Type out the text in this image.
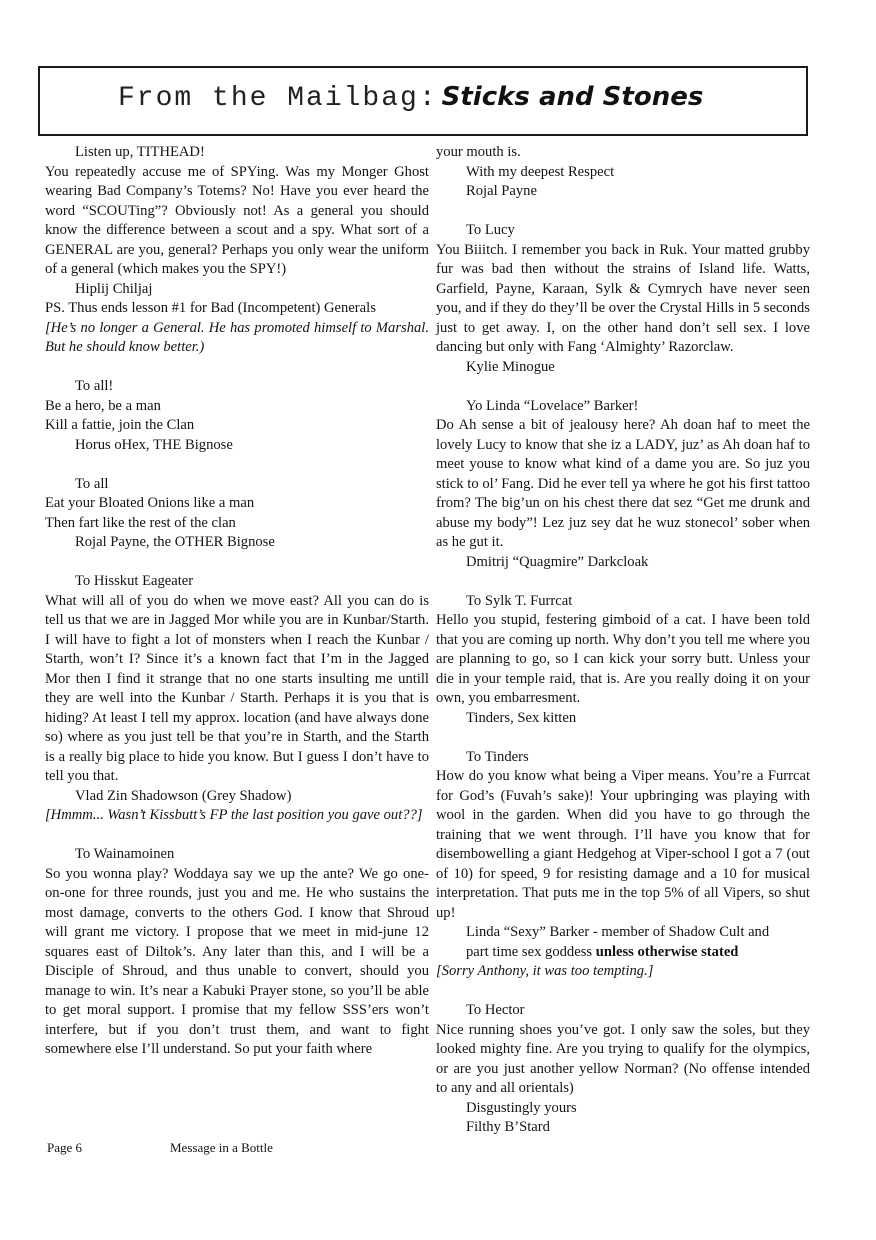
From the Mailbag: Sticks and Stones

Listen up, TITHEAD!

You repeatedly accuse me of SPYing. Was my Monger Ghost wearing Bad Company’s Totems? No! Have you ever heard the word “SCOUTing”? Obviously not! As a general you should know the difference between a scout and a spy. What sort of a GENERAL are you, general? Perhaps you only wear the uniform of a general (which makes you the SPY!)

Hiplij Chiljaj

PS. Thus ends lesson #1 for Bad (Incompetent) Generals

[He’s no longer a General. He has promoted himself to Marshal. But he should know better.)

To all!

Be a hero, be a man

Kill a fattie, join the Clan

Horus oHex, THE Bignose

To all

Eat your Bloated Onions like a man

Then fart like the rest of the clan

Rojal Payne, the OTHER Bignose

To Hisskut Eageater

What will all of you do when we move east? All you can do is tell us that we are in Jagged Mor while you are in Kunbar/Starth. I will have to fight a lot of monsters when I reach the Kunbar / Starth, won’t I? Since it’s a known fact that I’m in the Jagged Mor then I find it strange that no one starts insulting me untill they are well into the Kunbar / Starth. Perhaps it is you that is hiding? At least I tell my approx. location (and have always done so) where as you just tell be that you’re in Starth, and the Starth is a really big place to hide you know. But I guess I don’t have to tell you that.

Vlad Zin Shadowson (Grey Shadow)

[Hmmm... Wasn’t Kissbutt’s FP the last position you gave out??]

To Wainamoinen

So you wonna play? Woddaya say we up the ante? We go one-on-one for three rounds, just you and me. He who sustains the most damage, converts to the others God. I know that Shroud will grant me victory. I propose that we meet in mid-june 12 squares east of Diltok’s. Any later than this, and I will be a Disciple of Shroud, and thus unable to convert, should you manage to win. It’s near a Kabuki Prayer stone, so you’ll be able to get moral support. I promise that my fellow SSS’ers won’t interfere, but if you don’t trust them, and want to fight somewhere else I’ll understand. So put your faith where

your mouth is.

With my deepest Respect

Rojal Payne

To Lucy

You Biiitch. I remember you back in Ruk. Your matted grubby fur was bad then without the strains of Island life. Watts, Garfield, Payne, Karaan, Sylk & Cymrych have never seen you, and if they do they’ll be over the Crystal Hills in 5 seconds just to get away. I, on the other hand don’t sell sex. I love dancing but only with Fang ‘Almighty’ Razorclaw.

Kylie Minogue

Yo Linda “Lovelace” Barker!

Do Ah sense a bit of jealousy here? Ah doan haf to meet the lovely Lucy to know that she iz a LADY, juz’ as Ah doan haf to meet youse to know what kind of a dame you are. So juz you stick to ol’ Fang. Did he ever tell ya where he got his first tattoo from? The big’un on his chest there dat sez “Get me drunk and abuse my body”! Lez juz sey dat he wuz stonecol’ sober when as he gut it.

Dmitrij “Quagmire” Darkcloak

To Sylk T. Furrcat

Hello you stupid, festering gimboid of a cat. I have been told that you are coming up north. Why don’t you tell me where you are planning to go, so I can kick your sorry butt. Unless your die in your temple raid, that is. Are you really doing it on your own, you embarresment.

Tinders, Sex kitten

To Tinders

How do you know what being a Viper means. You’re a Furrcat for God’s (Fuvah’s sake)! Your upbringing was playing with wool in the garden. When did you have to go through the training that we went through. I’ll have you know that for disembowelling a giant Hedgehog at Viper-school I got a 7 (out of 10) for speed, 9 for resisting damage and a 10 for musical interpretation. That puts me in the top 5% of all Vipers, so shut up!

Linda “Sexy” Barker - member of Shadow Cult and

part time sex goddess unless otherwise stated

[Sorry Anthony, it was too tempting.]

To Hector

Nice running shoes you’ve got. I only saw the soles, but they looked mighty fine. Are you trying to qualify for the olympics, or are you just another yellow Norman? (No offense intended to any and all orientals)

Disgustingly yours

Filthy B’Stard

Page 6	Message in a Bottle
